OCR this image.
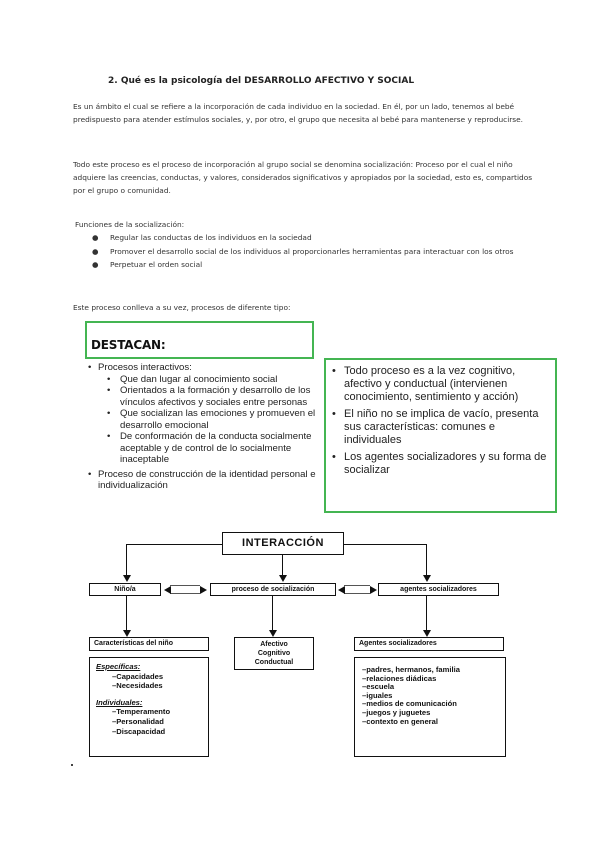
2. Qué es la psicología del DESARROLLO AFECTIVO Y SOCIAL
Es un ámbito el cual se refiere a la incorporación de cada individuo en la sociedad. En él, por un lado, tenemos al bebé predispuesto para atender estímulos sociales, y, por otro, el grupo que necesita al bebé para mantenerse y reproducirse.
Todo este proceso es el proceso de incorporación al grupo social se denomina socialización: Proceso por el cual el niño adquiere las creencias, conductas, y valores, considerados significativos y apropiados por la sociedad, esto es, compartidos por el grupo o comunidad.
Funciones de la socialización:
● Regular las conductas de los individuos en la sociedad
● Promover el desarrollo social de los individuos al proporcionarles herramientas para interactuar con los otros
● Perpetuar el orden social
Este proceso conlleva a su vez, procesos de diferente tipo:
DESTACAN:
• Procesos interactivos:
• Que dan lugar al conocimiento social
• Orientados a la formación y desarrollo de los vínculos afectivos y sociales entre personas
• Que socializan las emociones y promueven el desarrollo emocional
• De conformación de la conducta socialmente aceptable y de control de lo socialmente inaceptable
• Proceso de construcción de la identidad personal e individualización
• Todo proceso es a la vez cognitivo, afectivo y conductual (intervienen conocimiento, sentimiento y acción)
• El niño no se implica de vacío, presenta sus características: comunes e individuales
• Los agentes socializadores y su forma de socializar
INTERACCIÓN
Niño/a	proceso de socialización	agentes socializadores
Características del niño	Afectivo
Cognitivo
Conductual
Agentes socializadores
Específicas:
–Capacidades
–Necesidades
Individuales:
–Temperamento
–Personalidad
–Discapacidad
–padres, hermanos, familia
–relaciones diádicas
–escuela
–iguales
–medios de comunicación
–juegos y juguetes
–contexto en general
